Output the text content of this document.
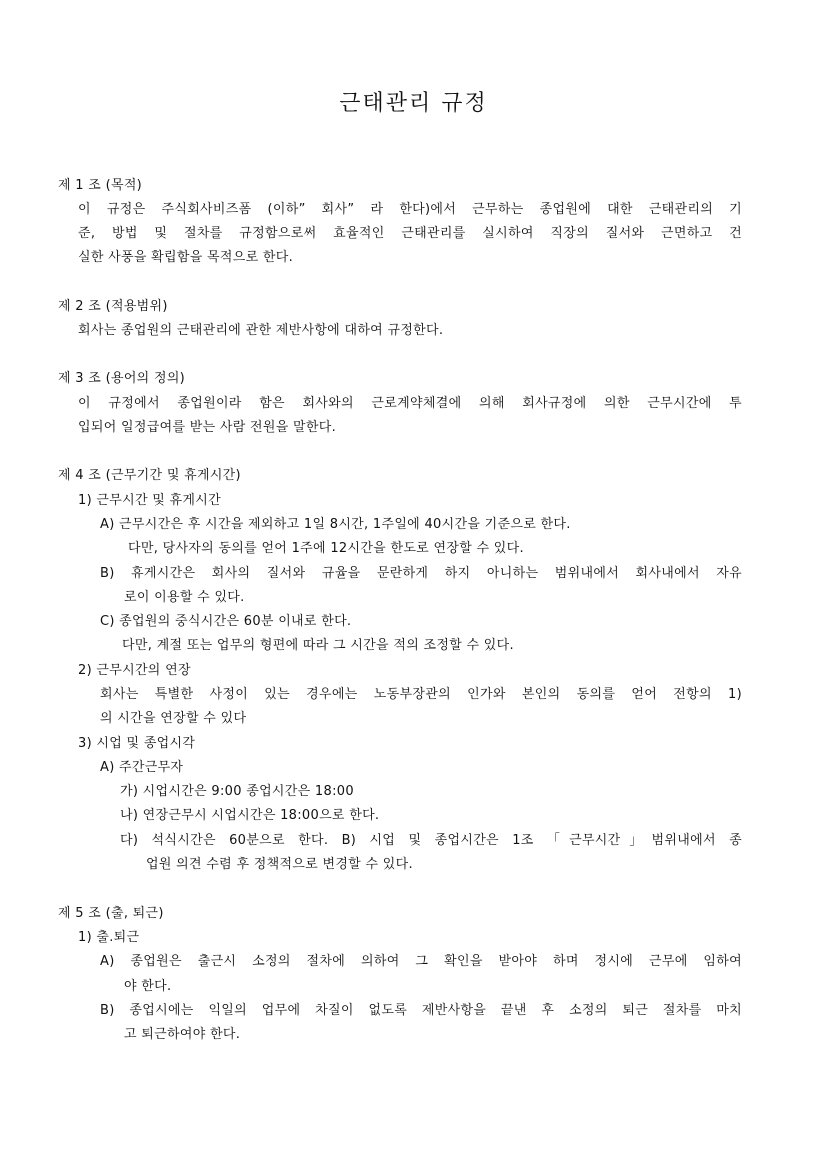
근태관리 규정
제 1 조 (목적)
이 규정은 주식회사비즈폼 (이하” 회사” 라 한다)에서 근무하는 종업원에 대한 근태관리의 기
준, 방법 및 절차를 규정함으로써 효율적인 근태관리를 실시하여 직장의 질서와 근면하고 건
실한 사풍을 확립함을 목적으로 한다.
제 2 조 (적용범위)
회사는 종업원의 근태관리에 관한 제반사항에 대하여 규정한다.
제 3 조 (용어의 정의)
이 규정에서 종업원이라 함은 회사와의 근로계약체결에 의해 회사규정에 의한 근무시간에 투
입되어 일정급여를 받는 사람 전원을 말한다.
제 4 조 (근무기간 및 휴게시간)
1) 근무시간 및 휴게시간
A) 근무시간은 후 시간을 제외하고 1일 8시간, 1주일에 40시간을 기준으로 한다.
다만, 당사자의 동의를 얻어 1주에 12시간을 한도로 연장할 수 있다.
B) 휴게시간은 회사의 질서와 규율을 문란하게 하지 아니하는 범위내에서 회사내에서 자유
로이 이용할 수 있다.
C) 종업원의 중식시간은 60분 이내로 한다.
다만, 계절 또는 업무의 형편에 따라 그 시간을 적의 조정할 수 있다.
2) 근무시간의 연장
회사는 특별한 사정이 있는 경우에는 노동부장관의 인가와 본인의 동의를 얻어 전항의 1)
의 시간을 연장할 수 있다
3) 시업 및 종업시각
A) 주간근무자
가) 시업시간은 9:00 종업시간은 18:00
나) 연장근무시 시업시간은 18:00으로 한다.
다) 석식시간은 60분으로 한다. B) 시업 및 종업시간은 1조 「근무시간」범위내에서 종
업원 의견 수렴 후 정책적으로 변경할 수 있다.
제 5 조 (출, 퇴근)
1) 출.퇴근
A) 종업원은 출근시 소정의 절차에 의하여 그 확인을 받아야 하며 정시에 근무에 임하여
야 한다.
B) 종업시에는 익일의 업무에 차질이 없도록 제반사항을 끝낸 후 소정의 퇴근 절차를 마치
고 퇴근하여야 한다.
